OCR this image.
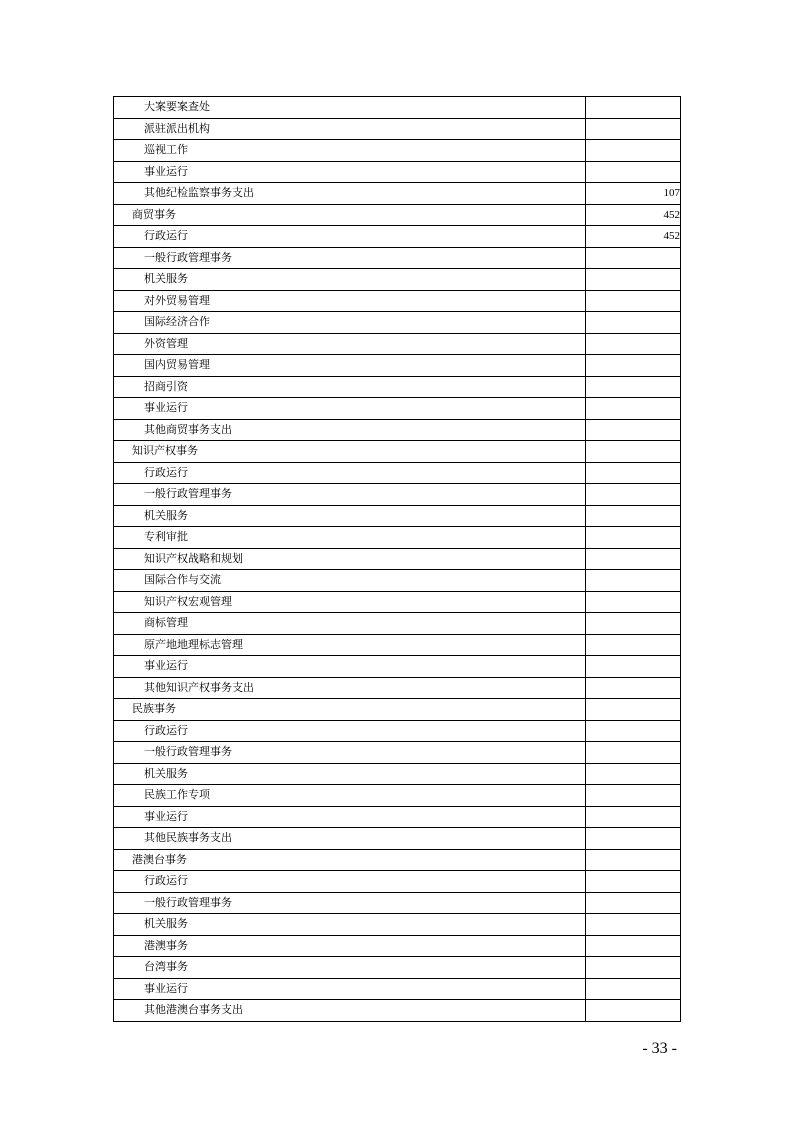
大案要案查处	
派驻派出机构	
巡视工作	
事业运行	
其他纪检监察事务支出	107
商贸事务	452
行政运行	452
一般行政管理事务	
机关服务	
对外贸易管理	
国际经济合作	
外资管理	
国内贸易管理	
招商引资	
事业运行	
其他商贸事务支出	
知识产权事务	
行政运行	
一般行政管理事务	
机关服务	
专利审批	
知识产权战略和规划	
国际合作与交流	
知识产权宏观管理	
商标管理	
原产地地理标志管理	
事业运行	
其他知识产权事务支出	
民族事务	
行政运行	
一般行政管理事务	
机关服务	
民族工作专项	
事业运行	
其他民族事务支出	
港澳台事务	
行政运行	
一般行政管理事务	
机关服务	
港澳事务	
台湾事务	
事业运行	
其他港澳台事务支出	
- 33 -
